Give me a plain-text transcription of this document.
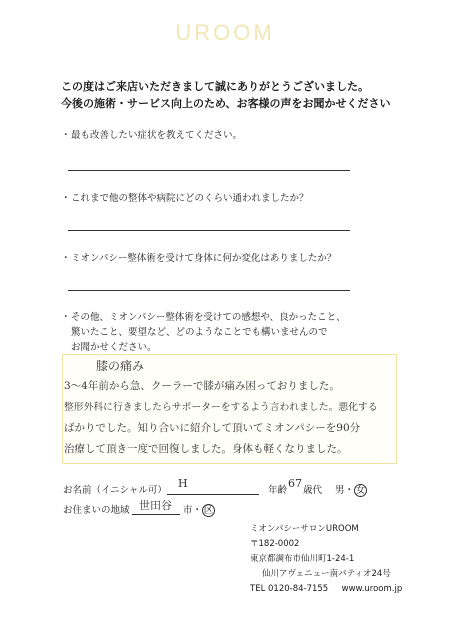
UROOM
この度はご来店いただきまして誠にありがとうございました。
今後の施術・サービス向上のため、お客様の声をお聞かせください
・最も改善したい症状を教えてください。
・これまで他の整体や病院にどのくらい通われましたか？
・ミオンパシー整体術を受けて身体に何か変化はありましたか？
・その他、ミオンパシー整体術を受けての感想や、良かったこと、
驚いたこと、要望など、どのようなことでも構いませんので
お聞かせください。
膝の痛み
3〜4年前から急、クーラーで膝が痛み困っておりました。
整形外科に行きましたらサポーターをするよう言われました。悪化する
ばかりでした。知り合いに紹介して頂いてミオンパシーを90分
治療して頂き一度で回復しました。身体も軽くなりました。
お名前（イニシャル可）
H
年齢
67
歳代 男・ 女
お住まいの地域 世田谷 市・ 区
ミオンパシーサロンUROOM
〒182-0002
東京都調布市仙川町1-24-1
仙川アヴェニュー南パティオ24号
TEL 0120-84-7155 www.uroom.jp
